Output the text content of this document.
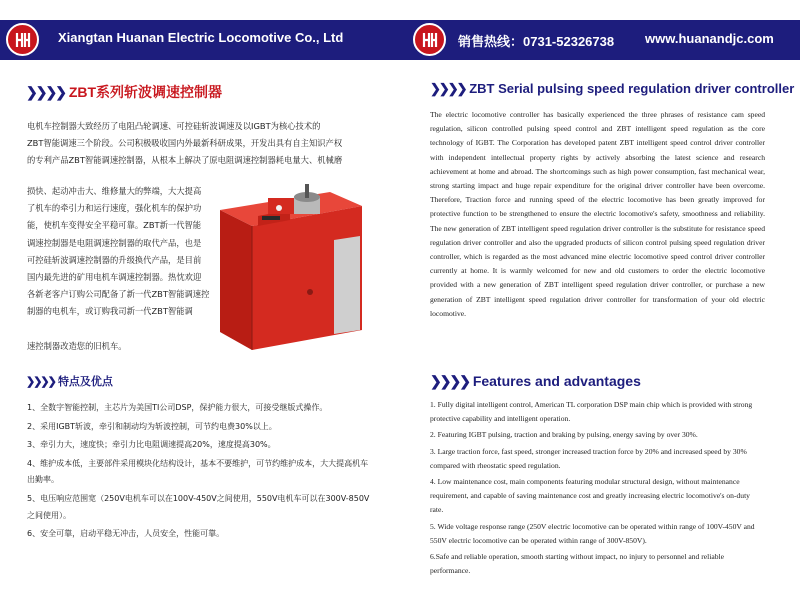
Xiangtan Huanan Electric Locomotive Co., Ltd
❯❯❯❯ ZBT系列斩波调速控制器
电机车控制器大致经历了电阻凸轮调速、可控硅斩波调速及以IGBT为核心技术的
ZBT智能调速三个阶段。公司积极吸收国内外最新科研成果，开发出具有自主知识产权
的专利产品ZBT智能调速控制器，从根本上解决了原电阻调速控制器耗电量大、机械磨
损快、起动冲击大、维修量大的弊端，大大提高
了机车的牵引力和运行速度，强化机车的保护功
能，使机车变得安全平稳可靠。ZBT新一代智能
调速控制器是电阻调速控制器的取代产品，也是
可控硅斩波调速控制器的升级换代产品，是目前
国内最先进的矿用电机车调速控制器。热忱欢迎
各新老客户订购公司配备了新一代ZBT智能调速控
制器的电机车，或订购我司新一代ZBT智能调
速控制器改造您的旧机车。
❯❯❯❯ 特点及优点

1、全数字智能控制，主芯片为美国TI公司DSP，保护能力很大，可接受继版式操作。

2、采用IGBT斩波，牵引和制动均为斩波控制，可节约电费30%以上。

3、牵引力大，速度快；牵引力比电阻调速提高20%，速度提高30%。

4、维护成本低，主要部件采用模块化结构设计，基本不要维护，可节约维护成本，大大提高机车出勤率。

5、电压响应范围宽（250V电机车可以在100V-450V之间使用，550V电机车可以在300V-850V之间使用）。

6、安全可靠，启动平稳无冲击，人员安全，性能可靠。

销售热线：0731-52326738 www.huanandjc.com
❯❯❯❯ ZBT Serial pulsing speed regulation driver controller
The electric locomotive controller has basically experienced the three phrases of resistance cam speed regulation, silicon controlled pulsing speed control and ZBT intelligent speed regulation as the core technology of IGBT. The Corporation has developed patent ZBT intelligent speed control driver controller with independent intellectual property rights by actively absorbing the latest science and research achievement at home and abroad. The shortcomings such as high power consumption, fast mechanical wear, strong starting impact and huge repair expenditure for the original driver controller have been overcome. Therefore, Traction force and running speed of the electric locomotive has been greatly improved for protective function to be strengthened to ensure the electric locomotive's safety, smoothness and reliability. The new generation of ZBT intelligent speed regulation driver controller is the substitute for resistance speed regulation driver controller and also the upgraded products of silicon control pulsing speed regulation driver controller, which is regarded as the most advanced mine electric locomotive speed control driver controller currently at home. It is warmly welcomed for new and old customers to order the electric locomotive provided with a new generation of ZBT intelligent speed regulation driver controller, or purchase a new generation of ZBT intelligent speed regulation driver controller for transformation of your old electric locomotive.
❯❯❯❯ Features and advantages

1. Fully digital intelligent control, American TL corporation DSP main chip which is provided with strong protective capability and intelligent operation.

2. Featuring IGBT pulsing, traction and braking by pulsing, energy saving by over 30%.

3. Large traction force, fast speed, stronger increased traction force by 20% and increased speed by 30% compared with rheostatic speed regulation.

4. Low maintenance cost, main components featuring modular structural design, without maintenance requirement, and capable of saving maintenance cost and greatly increasing electric locomotive's on-duty rate.

5. Wide voltage response range (250V electric locomotive can be operated within range of 100V-450V and 550V electric locomotive can be operated within range of 300V-850V).

6.Safe and reliable operation, smooth starting without impact, no injury to personnel and reliable performance.
